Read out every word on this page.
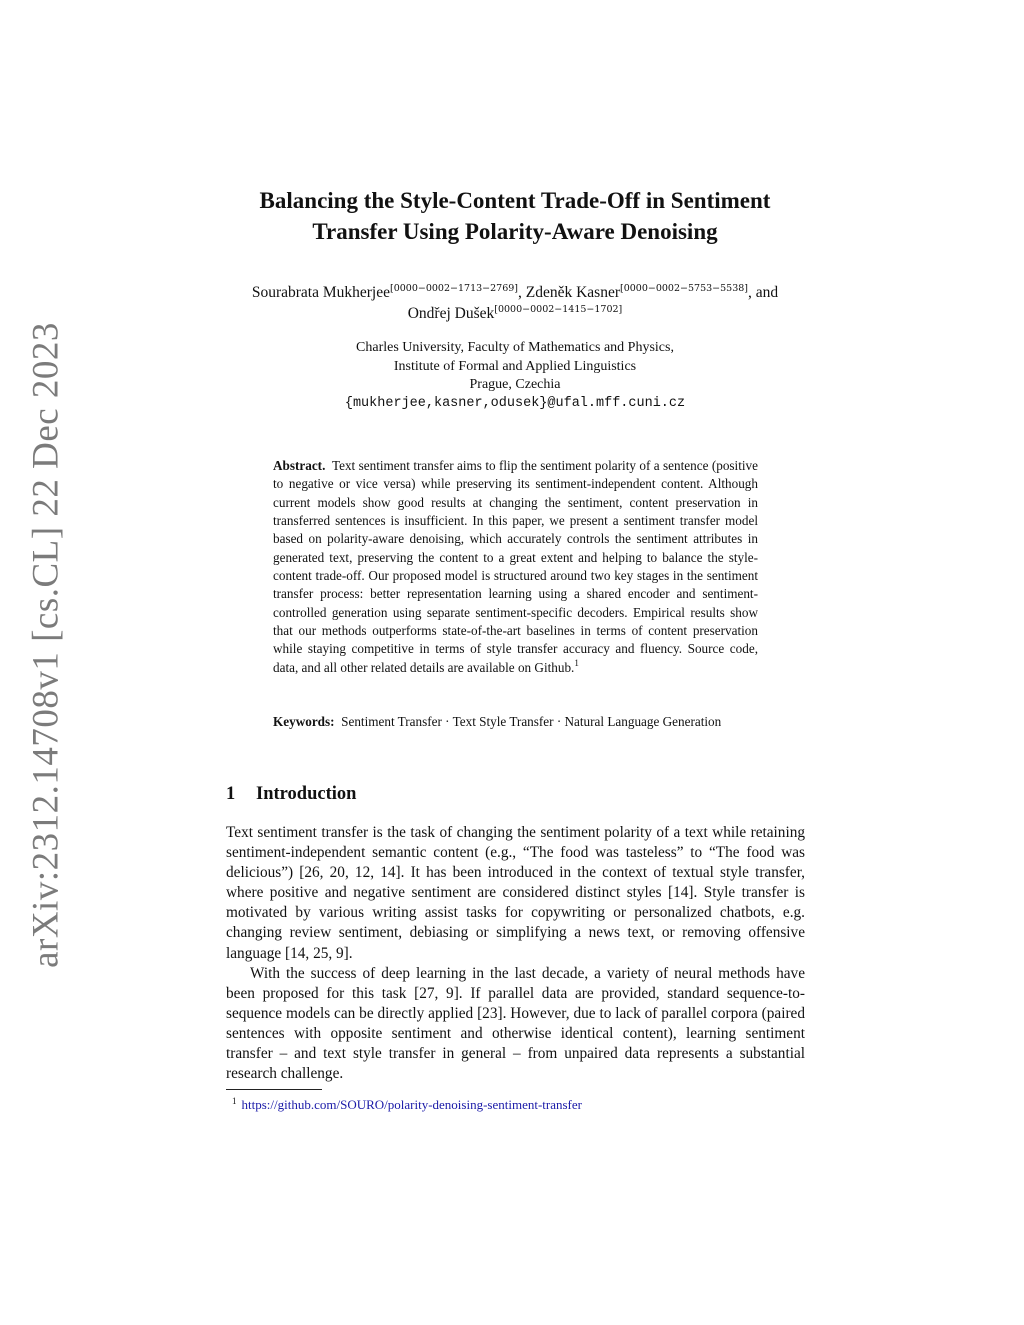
arXiv:2312.14708v1 [cs.CL] 22 Dec 2023
Balancing the Style-Content Trade-Off in Sentiment
Transfer Using Polarity-Aware Denoising
Sourabrata Mukherjee[0000−0002−1713−2769], Zdeněk Kasner[0000−0002−5753−5538], and
Ondřej Dušek[0000−0002−1415−1702]
Charles University, Faculty of Mathematics and Physics,
Institute of Formal and Applied Linguistics
Prague, Czechia
{mukherjee,kasner,odusek}@ufal.mff.cuni.cz
Abstract. Text sentiment transfer aims to flip the sentiment polarity of a sentence (positive to negative or vice versa) while preserving its sentiment-independent content. Although current models show good results at changing the sentiment, content preservation in transferred sentences is insufficient. In this paper, we present a sentiment transfer model based on polarity-aware denoising, which accurately controls the sentiment attributes in generated text, preserving the content to a great extent and helping to balance the style-content trade-off. Our proposed model is structured around two key stages in the sentiment transfer process: better representation learning using a shared encoder and sentiment-controlled generation using separate sentiment-specific decoders. Empirical results show that our methods outperforms state-of-the-art baselines in terms of content preservation while staying competitive in terms of style transfer accuracy and fluency. Source code, data, and all other related details are available on Github.$^1$
Keywords: Sentiment Transfer · Text Style Transfer · Natural Language Generation
1 Introduction

Text sentiment transfer is the task of changing the sentiment polarity of a text while retaining sentiment-independent semantic content (e.g., “The food was tasteless” to “The food was delicious”) [26, 20, 12, 14]. It has been introduced in the context of textual style transfer, where positive and negative sentiment are considered distinct styles [14]. Style transfer is motivated by various writing assist tasks for copywriting or personalized chatbots, e.g. changing review sentiment, debiasing or simplifying a news text, or removing offensive language [14, 25, 9].

With the success of deep learning in the last decade, a variety of neural methods have been proposed for this task [27, 9]. If parallel data are provided, standard sequence-to-sequence models can be directly applied [23]. However, due to lack of parallel corpora (paired sentences with opposite sentiment and otherwise identical content), learning sentiment transfer – and text style transfer in general – from unpaired data represents a substantial research challenge.

$^1$ https://github.com/SOURO/polarity-denoising-sentiment-transfer
